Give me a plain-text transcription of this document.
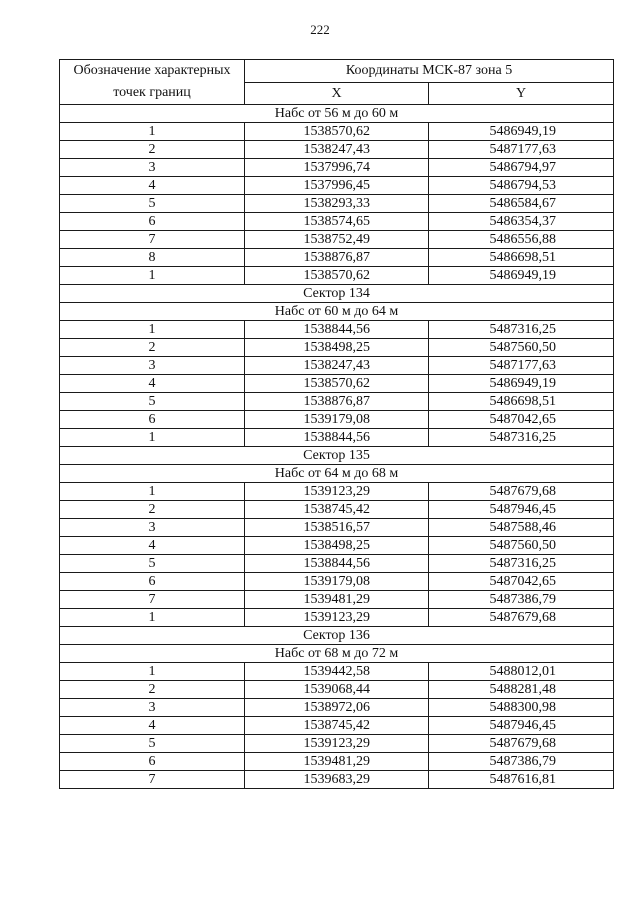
222
Обозначение характерных
точек границ	Координаты МСК-87 зона 5	
	X	Y
Набс от 56 м до 60 м		
1	1538570,62	5486949,19
2	1538247,43	5487177,63
3	1537996,74	5486794,97
4	1537996,45	5486794,53
5	1538293,33	5486584,67
6	1538574,65	5486354,37
7	1538752,49	5486556,88
8	1538876,87	5486698,51
1	1538570,62	5486949,19
Сектор 134		
Набс от 60 м до 64 м		
1	1538844,56	5487316,25
2	1538498,25	5487560,50
3	1538247,43	5487177,63
4	1538570,62	5486949,19
5	1538876,87	5486698,51
6	1539179,08	5487042,65
1	1538844,56	5487316,25
Сектор 135		
Набс от 64 м до 68 м		
1	1539123,29	5487679,68
2	1538745,42	5487946,45
3	1538516,57	5487588,46
4	1538498,25	5487560,50
5	1538844,56	5487316,25
6	1539179,08	5487042,65
7	1539481,29	5487386,79
1	1539123,29	5487679,68
Сектор 136		
Набс от 68 м до 72 м		
1	1539442,58	5488012,01
2	1539068,44	5488281,48
3	1538972,06	5488300,98
4	1538745,42	5487946,45
5	1539123,29	5487679,68
6	1539481,29	5487386,79
7	1539683,29	5487616,81
